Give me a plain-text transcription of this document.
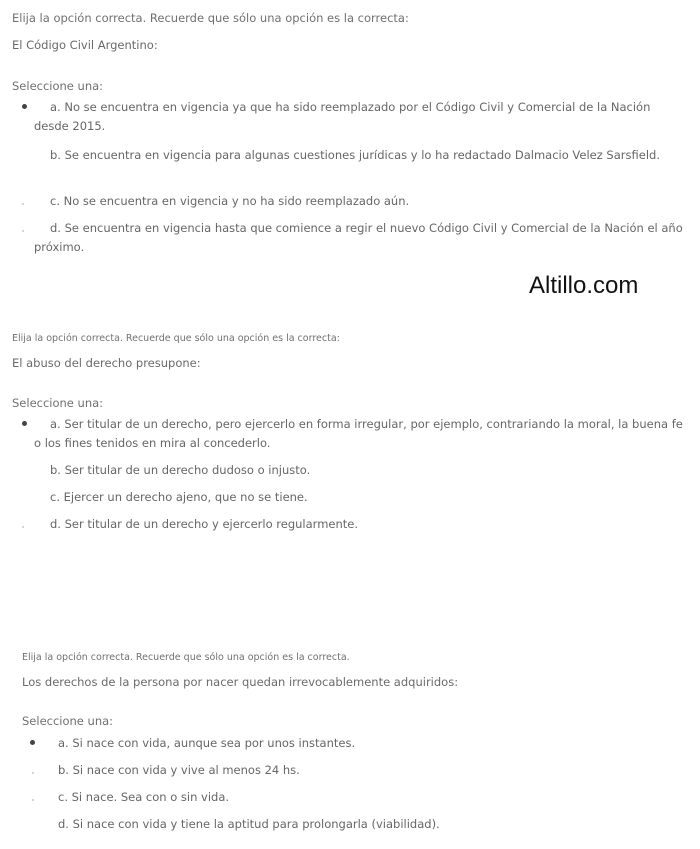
Elija la opción correcta. Recuerde que sólo una opción es la correcta:
El Código Civil Argentino:
Seleccione una:
a. No se encuentra en vigencia ya que ha sido reemplazado por el Código Civil y Comercial de la Nación desde 2015.
b. Se encuentra en vigencia para algunas cuestiones jurídicas y lo ha redactado Dalmacio Velez Sarsfield.
c. No se encuentra en vigencia y no ha sido reemplazado aún.
d. Se encuentra en vigencia hasta que comience a regir el nuevo Código Civil y Comercial de la Nación el año próximo.
Altillo.com
Elija la opción correcta. Recuerde que sólo una opción es la correcta:
El abuso del derecho presupone:
Seleccione una:
a. Ser titular de un derecho, pero ejercerlo en forma irregular, por ejemplo, contrariando la moral, la buena fe o los fines tenidos en mira al concederlo.
b. Ser titular de un derecho dudoso o injusto.
c. Ejercer un derecho ajeno, que no se tiene.
d. Ser titular de un derecho y ejercerlo regularmente.
Elija la opción correcta. Recuerde que sólo una opción es la correcta.
Los derechos de la persona por nacer quedan irrevocablemente adquiridos:
Seleccione una:
a. Si nace con vida, aunque sea por unos instantes.
b. Si nace con vida y vive al menos 24 hs.
c. Si nace. Sea con o sin vida.
d. Si nace con vida y tiene la aptitud para prolongarla (viabilidad).
